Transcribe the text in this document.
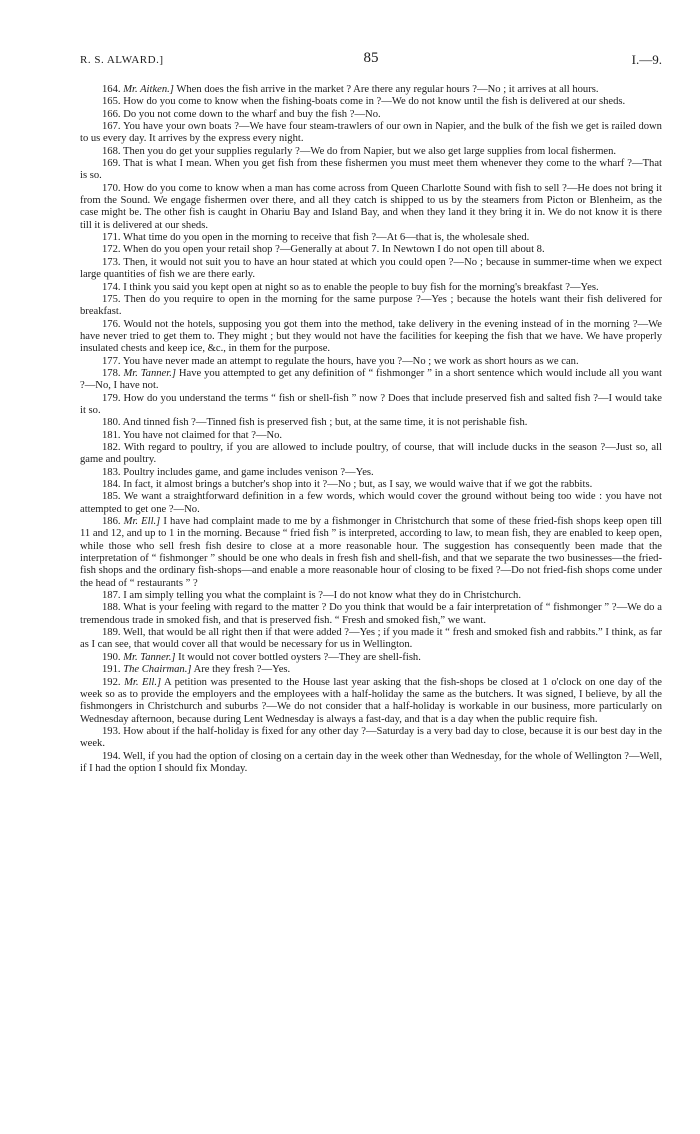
R. S. ALWARD.]	85	I.—9.

164. Mr. Aitken.] When does the fish arrive in the market ? Are there any regular hours ?—No ; it arrives at all hours.

165. How do you come to know when the fishing-boats come in ?—We do not know until the fish is delivered at our sheds.

166. Do you not come down to the wharf and buy the fish ?—No.

167. You have your own boats ?—We have four steam-trawlers of our own in Napier, and the bulk of the fish we get is railed down to us every day. It arrives by the express every night.

168. Then you do get your supplies regularly ?—We do from Napier, but we also get large supplies from local fishermen.

169. That is what I mean. When you get fish from these fishermen you must meet them whenever they come to the wharf ?—That is so.

170. How do you come to know when a man has come across from Queen Charlotte Sound with fish to sell ?—He does not bring it from the Sound. We engage fishermen over there, and all they catch is shipped to us by the steamers from Picton or Blenheim, as the case might be. The other fish is caught in Ohariu Bay and Island Bay, and when they land it they bring it in. We do not know it is there till it is delivered at our sheds.

171. What time do you open in the morning to receive that fish ?—At 6—that is, the wholesale shed.

172. When do you open your retail shop ?—Generally at about 7. In Newtown I do not open till about 8.

173. Then, it would not suit you to have an hour stated at which you could open ?—No ; because in summer-time when we expect large quantities of fish we are there early.

174. I think you said you kept open at night so as to enable the people to buy fish for the morning's breakfast ?—Yes.

175. Then do you require to open in the morning for the same purpose ?—Yes ; because the hotels want their fish delivered for breakfast.

176. Would not the hotels, supposing you got them into the method, take delivery in the evening instead of in the morning ?—We have never tried to get them to. They might ; but they would not have the facilities for keeping the fish that we have. We have properly insulated chests and keep ice, &c., in them for the purpose.

177. You have never made an attempt to regulate the hours, have you ?—No ; we work as short hours as we can.

178. Mr. Tanner.] Have you attempted to get any definition of “ fishmonger ” in a short sentence which would include all you want ?—No, I have not.

179. How do you understand the terms “ fish or shell-fish ” now ? Does that include preserved fish and salted fish ?—I would take it so.

180. And tinned fish ?—Tinned fish is preserved fish ; but, at the same time, it is not perishable fish.

181. You have not claimed for that ?—No.

182. With regard to poultry, if you are allowed to include poultry, of course, that will include ducks in the season ?—Just so, all game and poultry.

183. Poultry includes game, and game includes venison ?—Yes.

184. In fact, it almost brings a butcher's shop into it ?—No ; but, as I say, we would waive that if we got the rabbits.

185. We want a straightforward definition in a few words, which would cover the ground without being too wide : you have not attempted to get one ?—No.

186. Mr. Ell.] I have had complaint made to me by a fishmonger in Christchurch that some of these fried-fish shops keep open till 11 and 12, and up to 1 in the morning. Because “ fried fish ” is interpreted, according to law, to mean fish, they are enabled to keep open, while those who sell fresh fish desire to close at a more reasonable hour. The suggestion has consequently been made that the interpretation of “ fishmonger ” should be one who deals in fresh fish and shell-fish, and that we separate the two businesses—the fried-fish shops and the ordinary fish-shops—and enable a more reasonable hour of closing to be fixed ?—Do not fried-fish shops come under the head of “ restaurants ” ?

187. I am simply telling you what the complaint is ?—I do not know what they do in Christchurch.

188. What is your feeling with regard to the matter ? Do you think that would be a fair interpretation of “ fishmonger ” ?—We do a tremendous trade in smoked fish, and that is preserved fish. “ Fresh and smoked fish,” we want.

189. Well, that would be all right then if that were added ?—Yes ; if you made it “ fresh and smoked fish and rabbits.” I think, as far as I can see, that would cover all that would be necessary for us in Wellington.

190. Mr. Tanner.] It would not cover bottled oysters ?—They are shell-fish.

191. The Chairman.] Are they fresh ?—Yes.

192. Mr. Ell.] A petition was presented to the House last year asking that the fish-shops be closed at 1 o'clock on one day of the week so as to provide the employers and the employees with a half-holiday the same as the butchers. It was signed, I believe, by all the fishmongers in Christchurch and suburbs ?—We do not consider that a half-holiday is workable in our business, more particularly on Wednesday afternoon, because during Lent Wednesday is always a fast-day, and that is a day when the public require fish.

193. How about if the half-holiday is fixed for any other day ?—Saturday is a very bad day to close, because it is our best day in the week.

194. Well, if you had the option of closing on a certain day in the week other than Wednesday, for the whole of Wellington ?—Well, if I had the option I should fix Monday.
